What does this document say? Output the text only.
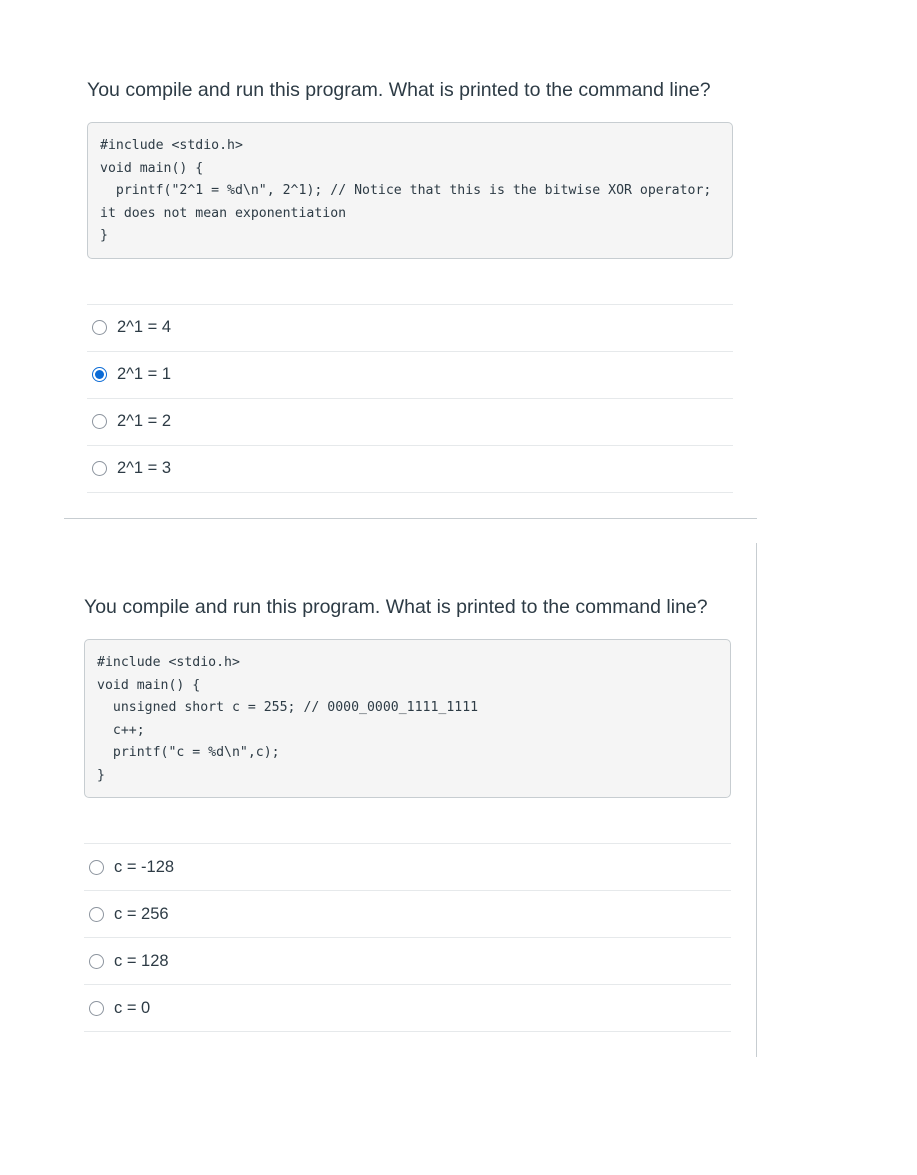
You compile and run this program. What is printed to the command line?

#include <stdio.h>
void main() {
printf("2^1 = %d\n", 2^1); // Notice that this is the bitwise XOR operator; it does not mean exponentiation
}
2^1 = 4
2^1 = 1
2^1 = 2
2^1 = 3

You compile and run this program. What is printed to the command line?

#include <stdio.h>
void main() {
unsigned short c = 255; // 0000_0000_1111_1111
c++;
printf("c = %d\n",c);
}
c = -128
c = 256
c = 128
c = 0
